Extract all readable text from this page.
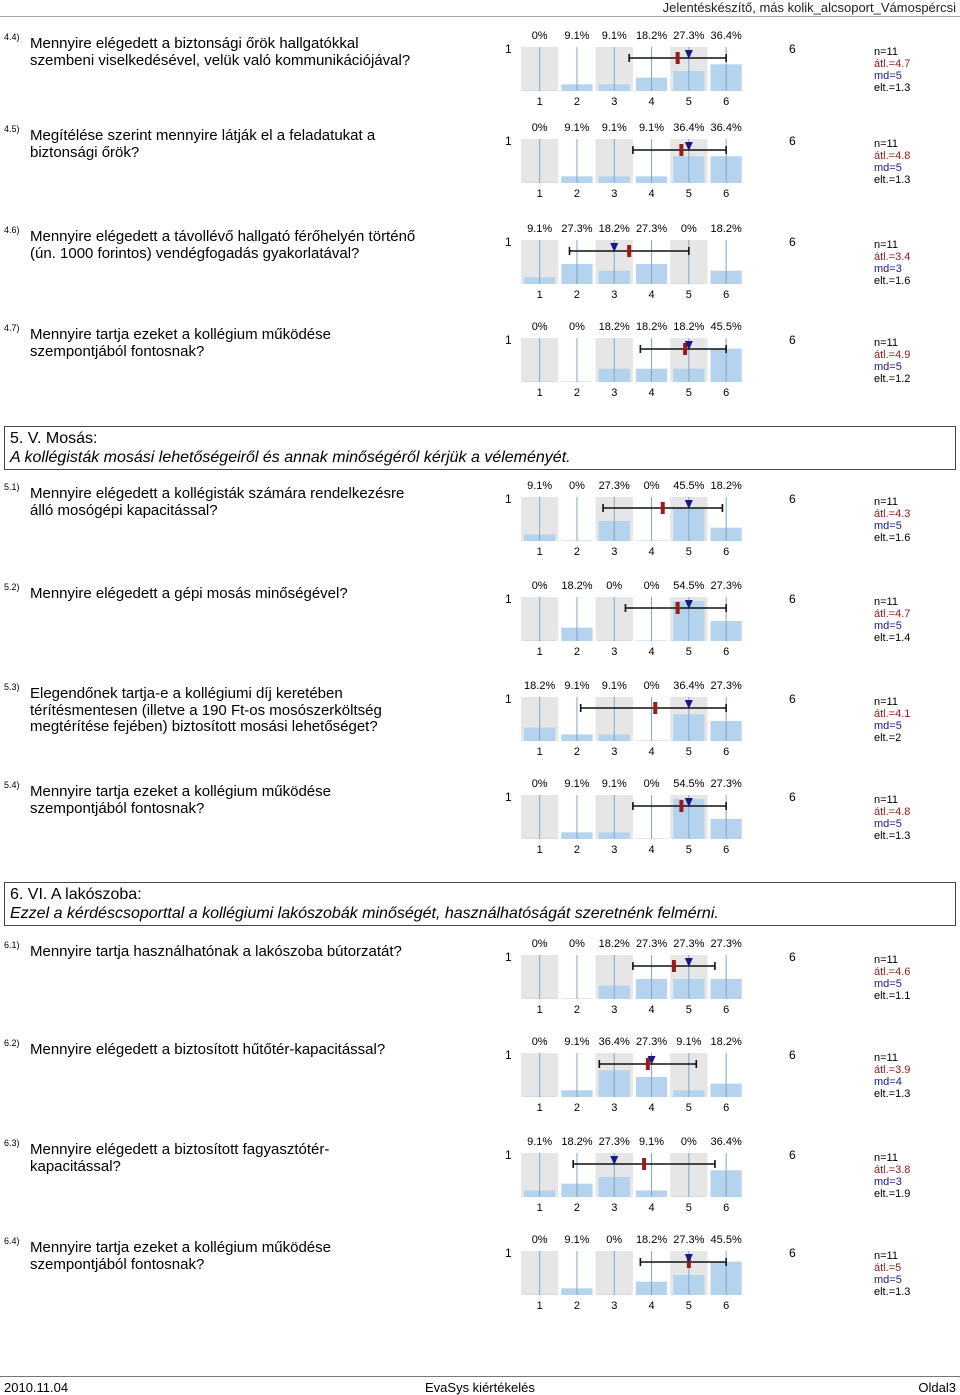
Jelentéskészítő, más kolik_alcsoport_Vámospércsi
4.4) Mennyire elégedett a biztonsági őrök hallgatókkal szembeni viselkedésével, velük való kommunikációjával?
1	6
0% 9.1% 9.1% 18.2% 27.3% 36.4%
1	2	3	4	5	6
n=11
átl.=4.7
md=5
elt.=1.3
4.5) Megítélése szerint mennyire látják el a feladatukat a biztonsági őrök?
1	6
0% 9.1% 9.1% 9.1% 36.4% 36.4%
1	2	3	4	5	6
n=11
átl.=4.8
md=5
elt.=1.3
4.6) Mennyire elégedett a távollévő hallgató férőhelyén történő (ún. 1000 forintos) vendégfogadás gyakorlatával?
1	6
9.1% 27.3% 18.2% 27.3% 0% 18.2%
1	2	3	4	5	6
n=11
átl.=3.4
md=3
elt.=1.6
4.7) Mennyire tartja ezeket a kollégium működése szempontjából fontosnak?
1	6
0% 0% 18.2% 18.2% 18.2% 45.5%
1	2	3	4	5	6
n=11
átl.=4.9
md=5
elt.=1.2
5.1) Mennyire elégedett a kollégisták számára rendelkezésre álló mosógépi kapacitással?
1	6
9.1% 0% 27.3% 0% 45.5% 18.2%
1	2	3	4	5	6
n=11
átl.=4.3
md=5
elt.=1.6
5.2) Mennyire elégedett a gépi mosás minőségével?	1	6
0% 18.2% 0% 0% 54.5% 27.3%
1	2	3	4	5	6
n=11
átl.=4.7
md=5
elt.=1.4
5.3) Elegendőnek tartja-e a kollégiumi díj keretében térítésmentesen (illetve a 190 Ft-os mosószerköltség megtérítése fejében) biztosított mosási lehetőséget?
1	6
18.2% 9.1% 9.1% 0% 36.4% 27.3%
1	2	3	4	5	6
n=11
átl.=4.1
md=5
elt.=2
5.4) Mennyire tartja ezeket a kollégium működése szempontjából fontosnak?
1	6
0% 9.1% 9.1% 0% 54.5% 27.3%
1	2	3	4	5	6
n=11
átl.=4.8
md=5
elt.=1.3
6.1) Mennyire tartja használhatónak a lakószoba bútorzatát?	1	6
0% 0% 18.2% 27.3% 27.3% 27.3%
1	2	3	4	5	6
n=11
átl.=4.6
md=5
elt.=1.1
6.2) Mennyire elégedett a biztosított hűtőtér-kapacitással?	1	6
0% 9.1% 36.4% 27.3% 9.1% 18.2%
1	2	3	4	5	6
n=11
átl.=3.9
md=4
elt.=1.3
6.3) Mennyire elégedett a biztosított fagyasztótér-kapacitással?
1	6
9.1% 18.2% 27.3% 9.1% 0% 36.4%
1	2	3	4	5	6
n=11
átl.=3.8
md=3
elt.=1.9
6.4) Mennyire tartja ezeket a kollégium működése szempontjából fontosnak?
1	6
0% 9.1% 0% 18.2% 27.3% 45.5%
1	2	3	4	5	6
n=11
átl.=5
md=5
elt.=1.3
5. V. Mosás:
A kollégisták mosási lehetőségeiről és annak minőségéről kérjük a véleményét.
6. VI. A lakószoba:
Ezzel a kérdéscsoporttal a kollégiumi lakószobák minőségét, használhatóságát szeretnénk felmérni.
2010.11.04	EvaSys kiértékelés	Oldal3
